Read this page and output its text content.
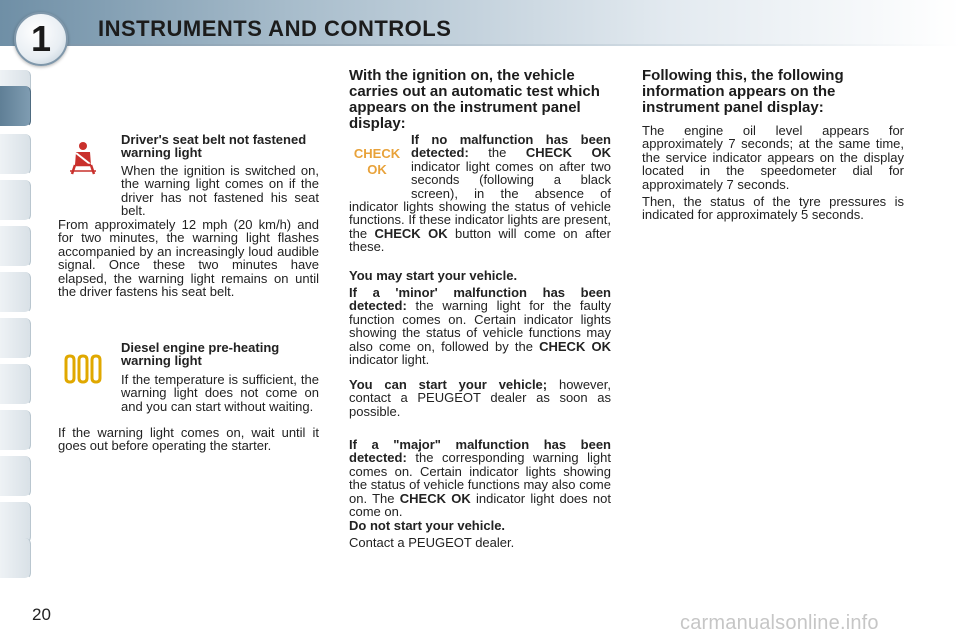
1	INSTRUMENTS AND CONTROLS

Driver's seat belt not fastened warning light

When the ignition is switched on, the warning light comes on if the driver has not fastened his seat belt.

From approximately 12 mph (20 km/h) and for two minutes, the warning light flashes accompanied by an increasingly loud audible signal. Once these two minutes have elapsed, the warning light remains on until the driver fastens his seat belt.

Diesel engine pre-heating warning light

If the temperature is sufficient, the warning light does not come on and you can start without waiting.

If the warning light comes on, wait until it goes out before operating the starter.

With the ignition on, the vehicle carries out an automatic test which appears on the instrument panel display:

CHECK
OK
If no malfunction has been detected: the CHECK OK indicator light comes on after two seconds (following a black screen), in the absence of indicator lights showing the status of vehicle functions. If these indicator lights are present, the CHECK OK button will come on after these.
You may start your vehicle.
If a 'minor' malfunction has been detected: the warning light for the faulty function comes on. Certain indicator lights showing the status of vehicle functions may also come on, followed by the CHECK OK indicator light.
You can start your vehicle; however, contact a PEUGEOT dealer as soon as possible.
If a "major" malfunction has been detected: the corresponding warning light comes on. Certain indicator lights showing the status of vehicle functions may also come on. The CHECK OK indicator light does not come on.
Do not start your vehicle.
Contact a PEUGEOT dealer.

Following this, the following information appears on the instrument panel display:

The engine oil level appears for approximately 7 seconds; at the same time, the service indicator appears on the display located in the speedometer dial for approximately 7 seconds.

Then, the status of the tyre pressures is indicated for approximately 5 seconds.

20	carmanualsonline.info
